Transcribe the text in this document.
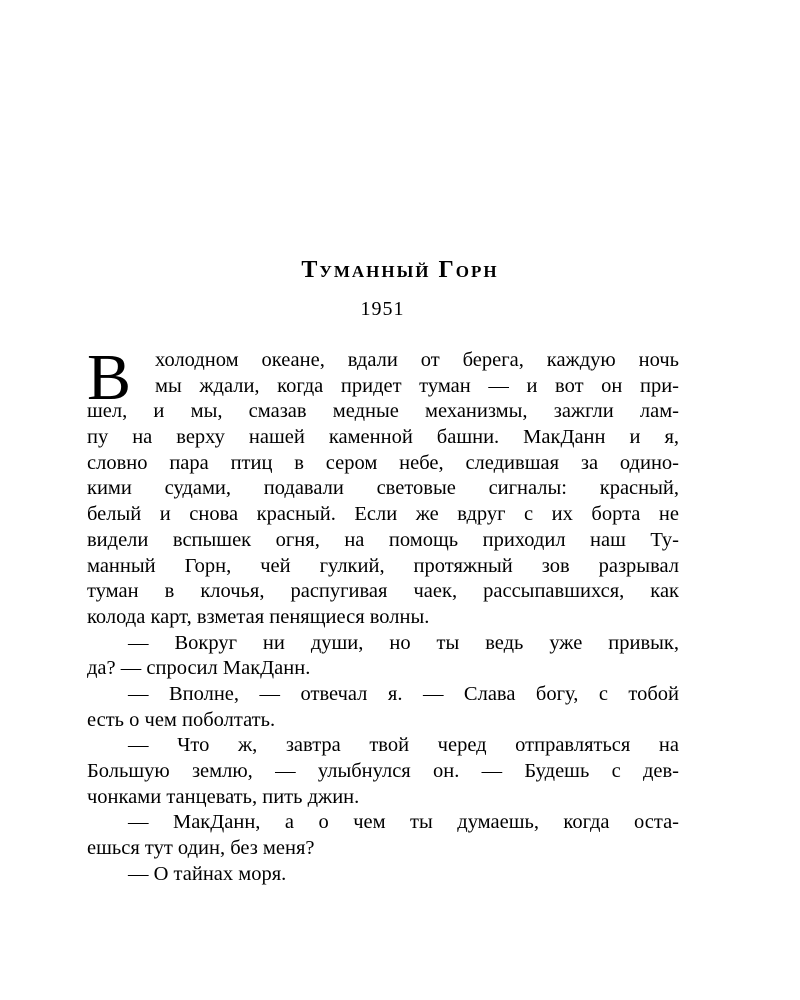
Туманный Горн

1951

В	холодном океане, вдали от берега, каждую ночь
мы ждали, когда придет туман — и вот он при-
шел, и мы, смазав медные механизмы, зажгли лам-
пу на верху нашей каменной башни. МакДанн и я,
словно пара птиц в сером небе, следившая за одино-
кими судами, подавали световые сигналы: красный,
белый и снова красный. Если же вдруг с их борта не
видели вспышек огня, на помощь приходил наш Ту-
манный Горн, чей гулкий, протяжный зов разрывал
туман в клочья, распугивая чаек, рассыпавшихся, как
колода карт, взметая пенящиеся волны.
— Вокруг ни души, но ты ведь уже привык,
да? — спросил МакДанн.
— Вполне, — отвечал я. — Слава богу, с тобой
есть о чем поболтать.
— Что ж, завтра твой черед отправляться на
Большую землю, — улыбнулся он. — Будешь с дев-
чонками танцевать, пить джин.
— МакДанн, а о чем ты думаешь, когда оста-
ешься тут один, без меня?
— О тайнах моря.
